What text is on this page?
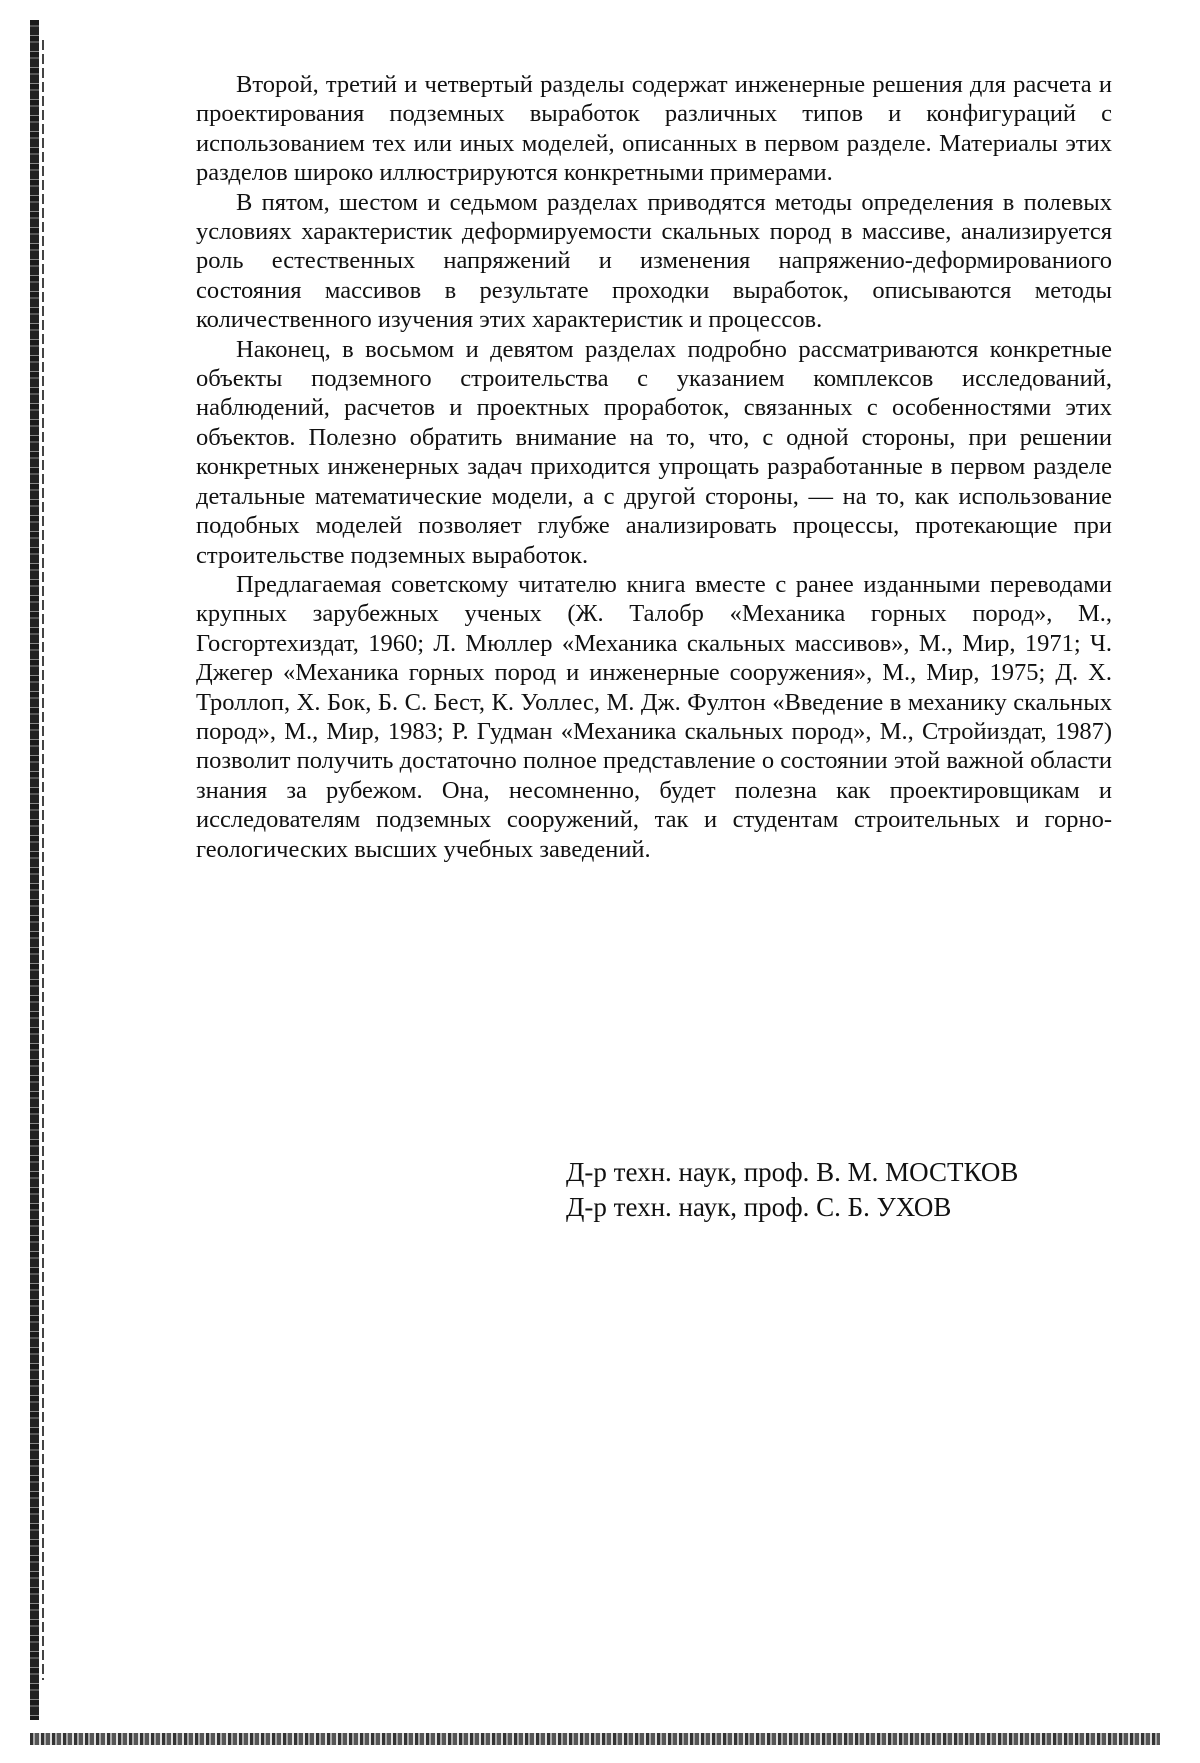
Второй, третий и четвертый разделы содержат инженерные решения для расчета и проектирования подземных выработок различных типов и конфигураций с использованием тех или иных моделей, описанных в первом разделе. Материалы этих разделов широко иллюстрируются конкретными примерами.

В пятом, шестом и седьмом разделах приводятся методы определения в полевых условиях характеристик деформируемости скальных пород в массиве, анализируется роль естественных напряжений и изменения напряженио-деформированиого состояния массивов в результате проходки выработок, описываются методы количественного изучения этих характеристик и процессов.

Наконец, в восьмом и девятом разделах подробно рассматриваются конкретные объекты подземного строительства с указанием комплексов исследований, наблюдений, расчетов и проектных проработок, связанных с особенностями этих объектов. Полезно обратить внимание на то, что, с одной стороны, при решении конкретных инженерных задач приходится упрощать разработанные в первом разделе детальные математические модели, а с другой стороны, — на то, как использование подобных моделей позволяет глубже анализировать процессы, протекающие при строительстве подземных выработок.

Предлагаемая советскому читателю книга вместе с ранее изданными переводами крупных зарубежных ученых (Ж. Талобр «Механика горных пород», М., Госгортехиздат, 1960; Л. Мюллер «Механика скальных массивов», М., Мир, 1971; Ч. Джегер «Механика горных пород и инженерные сооружения», М., Мир, 1975; Д. Х. Троллоп, Х. Бок, Б. С. Бест, К. Уоллес, М. Дж. Фултон «Введение в механику скальных пород», М., Мир, 1983; Р. Гудман «Механика скальных пород», М., Стройиздат, 1987) позволит получить достаточно полное представление о состоянии этой важной области знания за рубежом. Она, несомненно, будет полезна как проектировщикам и исследователям подземных сооружений, так и студентам строительных и горно-геологических высших учебных заведений.

Д-р техн. наук, проф. В. М. МОСТКОВ

Д-р техн. наук, проф. С. Б. УХОВ
